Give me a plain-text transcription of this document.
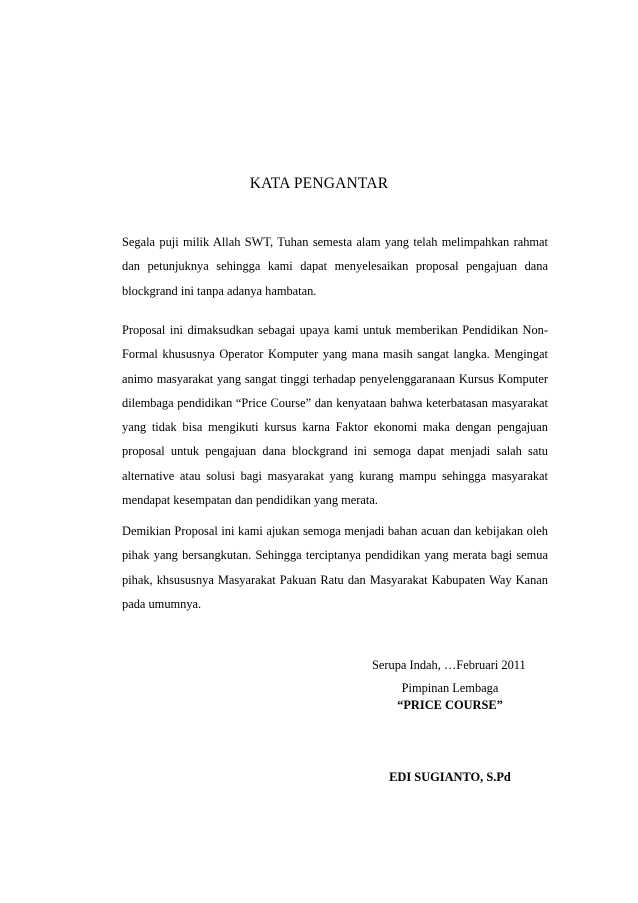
KATA PENGANTAR
Segala puji milik Allah SWT, Tuhan semesta alam yang telah melimpahkan rahmat dan petunjuknya sehingga kami dapat menyelesaikan proposal pengajuan dana blockgrand ini tanpa adanya hambatan.
Proposal ini dimaksudkan sebagai upaya kami untuk memberikan Pendidikan Non-Formal khususnya Operator Komputer yang mana masih sangat langka. Mengingat animo masyarakat yang sangat tinggi terhadap penyelenggaranaan Kursus Komputer dilembaga pendidikan “Price Course” dan kenyataan bahwa keterbatasan masyarakat yang tidak bisa mengikuti kursus karna Faktor ekonomi maka dengan pengajuan proposal untuk pengajuan dana blockgrand ini semoga dapat menjadi salah satu alternative atau solusi bagi masyarakat yang kurang mampu sehingga masyarakat mendapat kesempatan dan pendidikan yang merata.
Demikian Proposal ini kami ajukan semoga menjadi bahan acuan dan kebijakan oleh pihak yang bersangkutan. Sehingga terciptanya pendidikan yang merata bagi semua pihak, khsususnya Masyarakat Pakuan Ratu dan Masyarakat Kabupaten Way Kanan pada umumnya.
Serupa Indah, …Februari 2011
Pimpinan Lembaga
“PRICE COURSE”
EDI SUGIANTO, S.Pd
